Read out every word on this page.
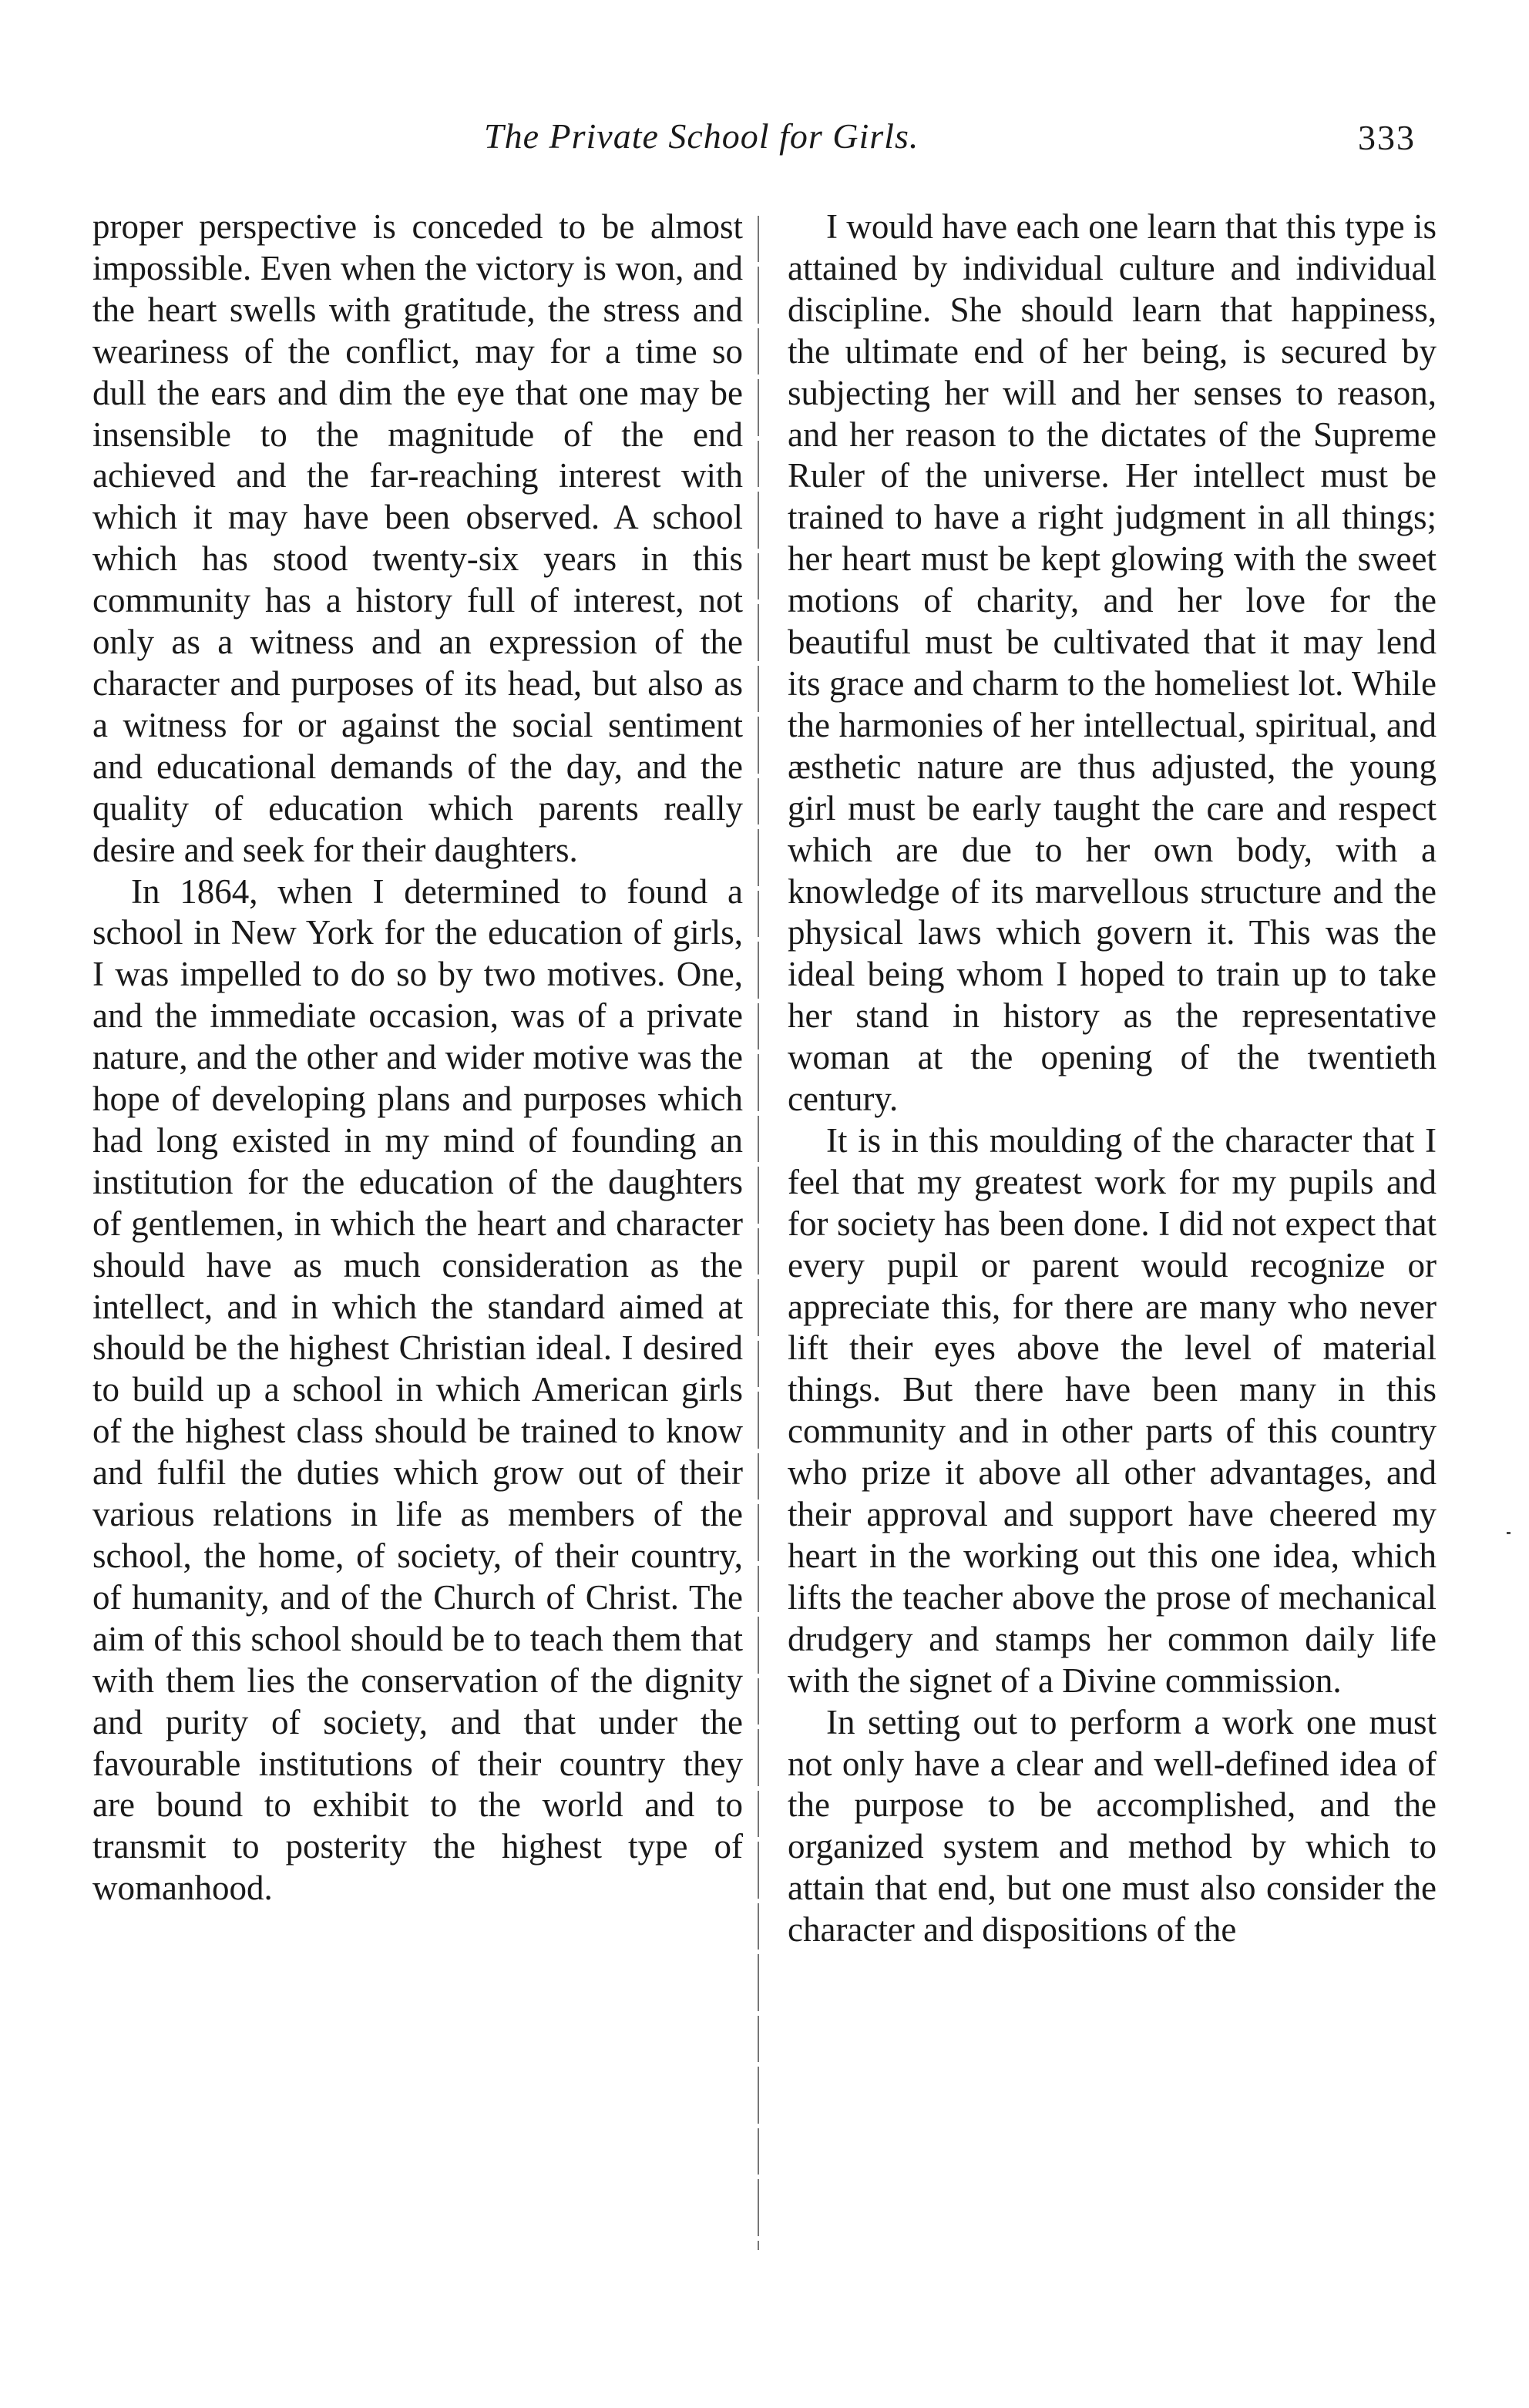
The Private School for Girls.	333

proper perspective is conceded to be almost impossible. Even when the victory is won, and the heart swells with gratitude, the stress and weariness of the conflict, may for a time so dull the ears and dim the eye that one may be insensible to the magnitude of the end achieved and the far-reaching interest with which it may have been observed. A school which has stood twenty-six years in this community has a history full of interest, not only as a witness and an expression of the character and purposes of its head, but also as a witness for or against the social sentiment and educational demands of the day, and the quality of education which parents really desire and seek for their daughters.

In 1864, when I determined to found a school in New York for the education of girls, I was impelled to do so by two motives. One, and the immediate occasion, was of a private nature, and the other and wider motive was the hope of developing plans and purposes which had long existed in my mind of founding an institution for the education of the daughters of gentlemen, in which the heart and character should have as much consideration as the intellect, and in which the standard aimed at should be the highest Christian ideal. I desired to build up a school in which American girls of the highest class should be trained to know and fulfil the duties which grow out of their various relations in life as members of the school, the home, of society, of their country, of humanity, and of the Church of Christ. The aim of this school should be to teach them that with them lies the conservation of the dignity and purity of society, and that under the favourable institutions of their country they are bound to exhibit to the world and to transmit to posterity the highest type of womanhood.

I would have each one learn that this type is attained by individual culture and individual discipline. She should learn that happiness, the ultimate end of her being, is secured by subjecting her will and her senses to reason, and her reason to the dictates of the Supreme Ruler of the universe. Her intellect must be trained to have a right judgment in all things; her heart must be kept glowing with the sweet motions of charity, and her love for the beautiful must be cultivated that it may lend its grace and charm to the homeliest lot. While the harmonies of her intellectual, spiritual, and æsthetic nature are thus adjusted, the young girl must be early taught the care and respect which are due to her own body, with a knowledge of its marvellous structure and the physical laws which govern it. This was the ideal being whom I hoped to train up to take her stand in history as the representative woman at the opening of the twentieth century.

It is in this moulding of the character that I feel that my greatest work for my pupils and for society has been done. I did not expect that every pupil or parent would recognize or appreciate this, for there are many who never lift their eyes above the level of material things. But there have been many in this community and in other parts of this country who prize it above all other advantages, and their approval and support have cheered my heart in the working out this one idea, which lifts the teacher above the prose of mechanical drudgery and stamps her common daily life with the signet of a Divine commission.

In setting out to perform a work one must not only have a clear and well-defined idea of the purpose to be accomplished, and the organized system and method by which to attain that end, but one must also consider the character and dispositions of the
